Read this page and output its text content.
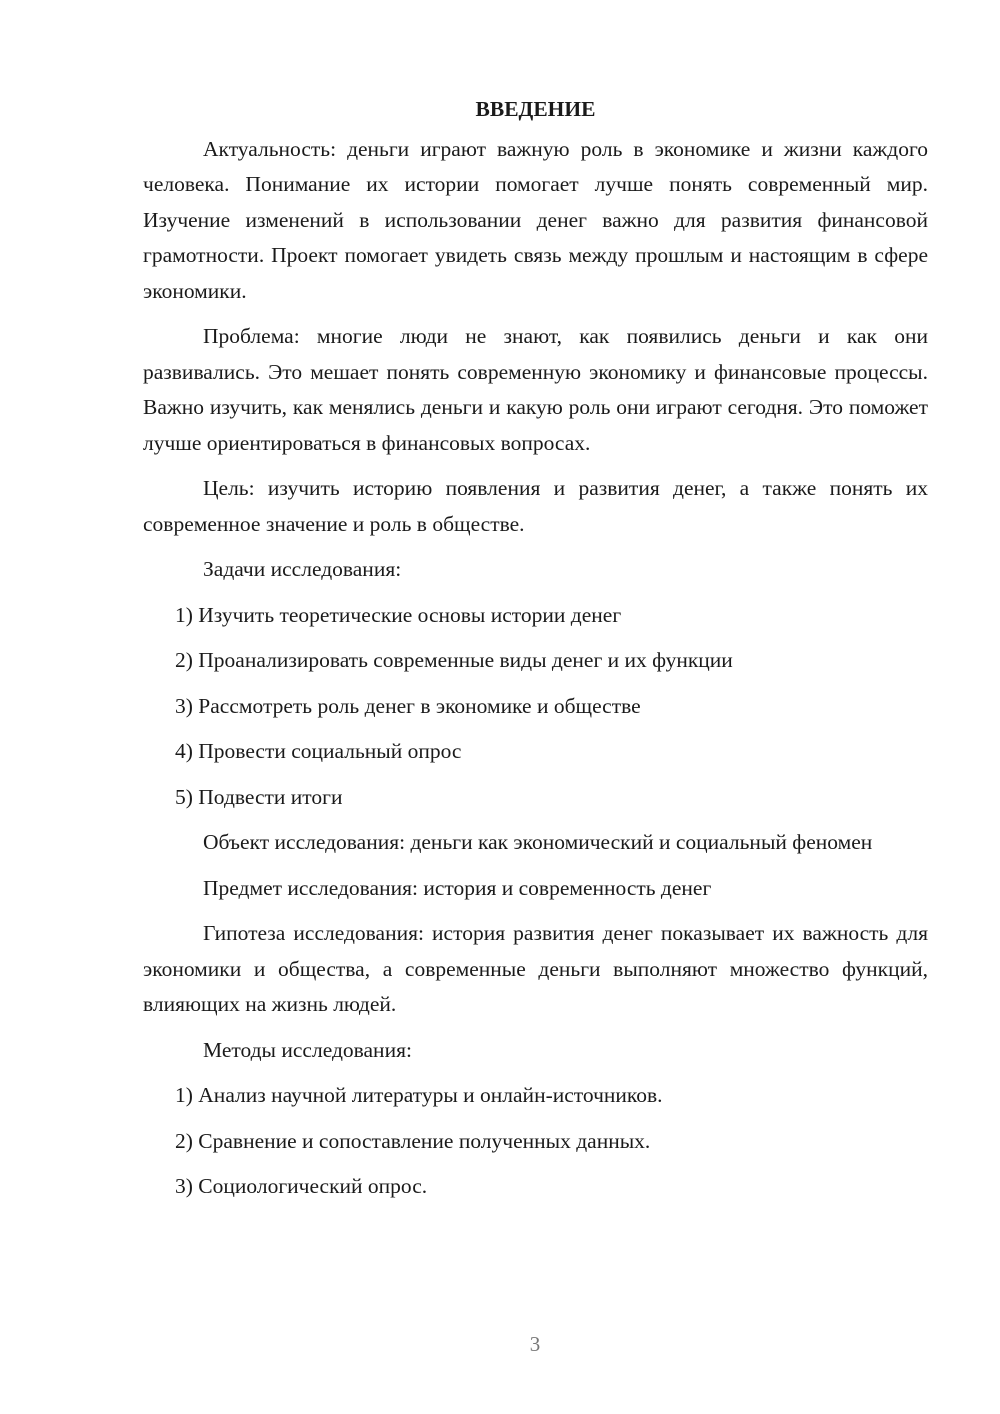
ВВЕДЕНИЕ

Актуальность: деньги играют важную роль в экономике и жизни каждого человека. Понимание их истории помогает лучше понять современный мир. Изучение изменений в использовании денег важно для развития финансовой грамотности. Проект помогает увидеть связь между прошлым и настоящим в сфере экономики.

Проблема: многие люди не знают, как появились деньги и как они развивались. Это мешает понять современную экономику и финансовые процессы. Важно изучить, как менялись деньги и какую роль они играют сегодня. Это поможет лучше ориентироваться в финансовых вопросах.

Цель: изучить историю появления и развития денег, а также понять их современное значение и роль в обществе.

Задачи исследования:

1) Изучить теоретические основы истории денег

2) Проанализировать современные виды денег и их функции

3) Рассмотреть роль денег в экономике и обществе

4) Провести социальный опрос

5) Подвести итоги

Объект исследования: деньги как экономический и социальный феномен

Предмет исследования: история и современность денег

Гипотеза исследования: история развития денег показывает их важность для экономики и общества, а современные деньги выполняют множество функций, влияющих на жизнь людей.

Методы исследования:

1) Анализ научной литературы и онлайн-источников.

2) Сравнение и сопоставление полученных данных.

3) Социологический опрос.

3
